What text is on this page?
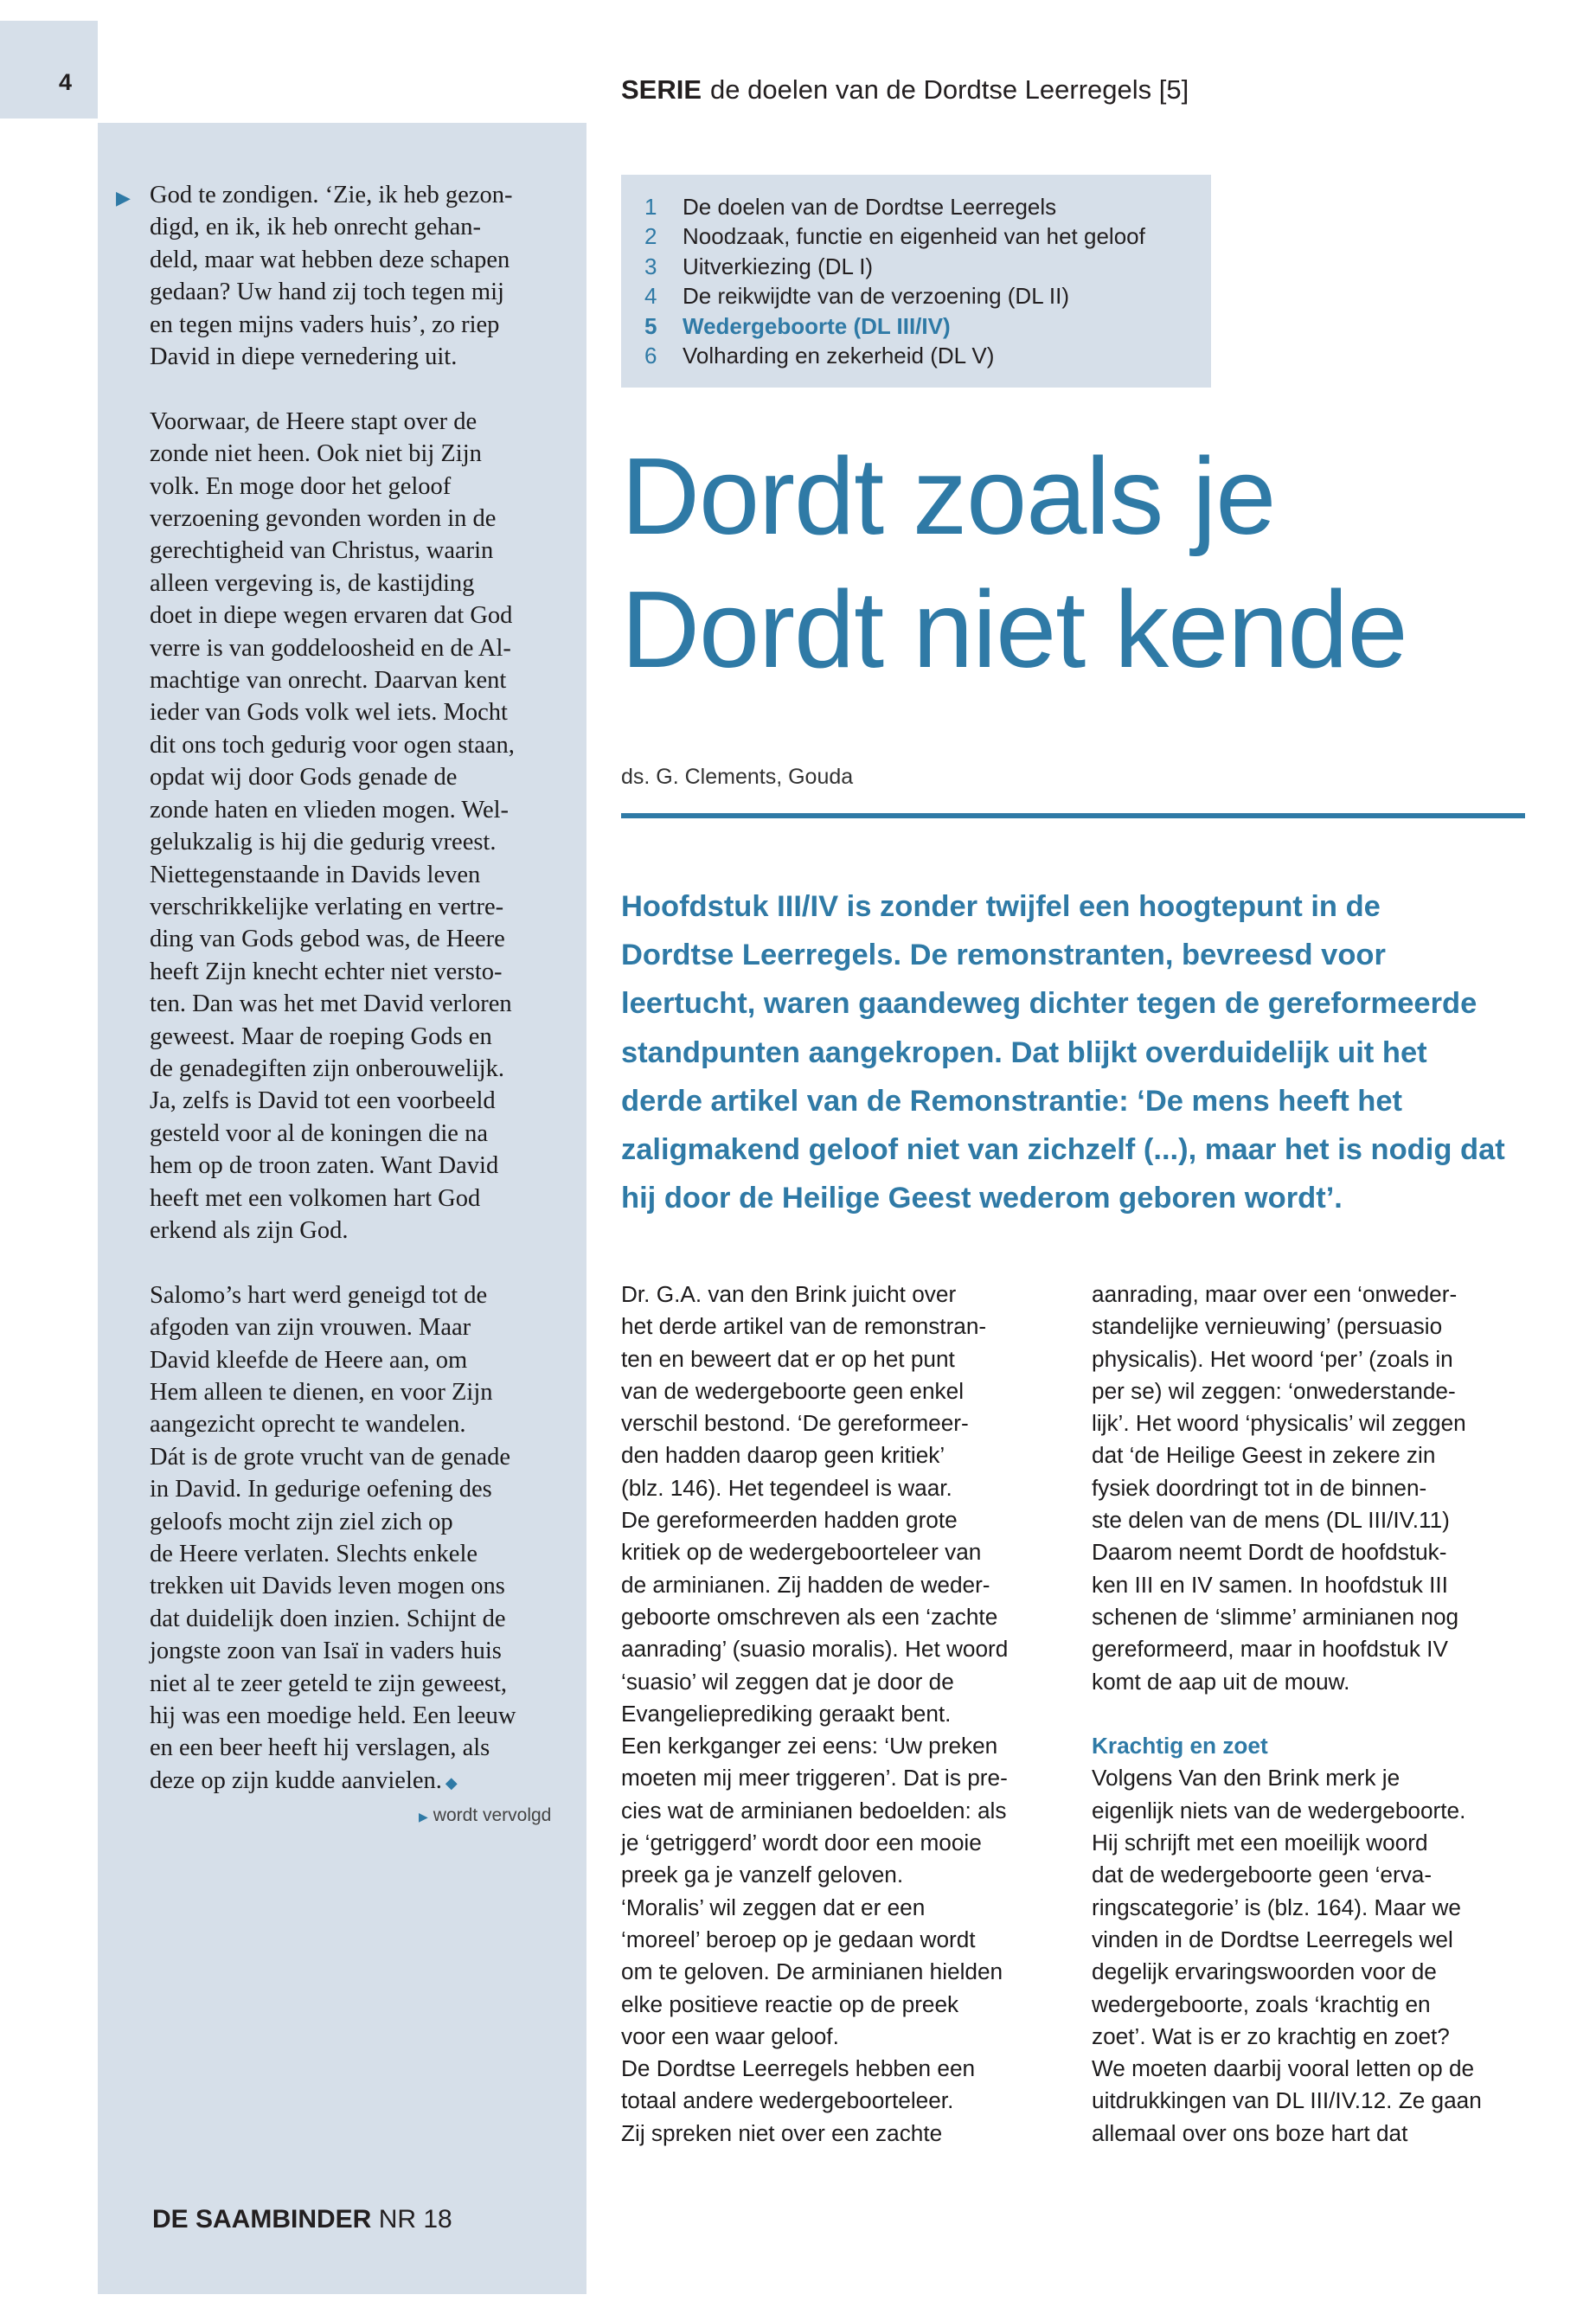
4	SERIE de doelen van de Dordtse Leerregels [5]
▶ God te zondigen. ‘Zie, ik heb gezon-
digd, en ik, ik heb onrecht gehan-
deld, maar wat hebben deze schapen
gedaan? Uw hand zij toch tegen mij
en tegen mijns vaders huis’, zo riep
David in diepe vernedering uit.

Voorwaar, de Heere stapt over de
zonde niet heen. Ook niet bij Zijn
volk. En moge door het geloof
verzoening gevonden worden in de
gerechtigheid van Christus, waarin
alleen vergeving is, de kastijding
doet in diepe wegen ervaren dat God
verre is van goddeloosheid en de Al-
machtige van onrecht. Daarvan kent
ieder van Gods volk wel iets. Mocht
dit ons toch gedurig voor ogen staan,
opdat wij door Gods genade de
zonde haten en vlieden mogen. Wel-
gelukzalig is hij die gedurig vreest.
Niettegenstaande in Davids leven
verschrikkelijke verlating en vertre-
ding van Gods gebod was, de Heere
heeft Zijn knecht echter niet versto-
ten. Dan was het met David verloren
geweest. Maar de roeping Gods en
de genadegiften zijn onberouwelijk.
Ja, zelfs is David tot een voorbeeld
gesteld voor al de koningen die na
hem op de troon zaten. Want David
heeft met een volkomen hart God
erkend als zijn God.

Salomo’s hart werd geneigd tot de
afgoden van zijn vrouwen. Maar
David kleefde de Heere aan, om
Hem alleen te dienen, en voor Zijn
aangezicht oprecht te wandelen.
Dát is de grote vrucht van de genade
in David. In gedurige oefening des
geloofs mocht zijn ziel zich op
de Heere verlaten. Slechts enkele
trekken uit Davids leven mogen ons
dat duidelijk doen inzien. Schijnt de
jongste zoon van Isaï in vaders huis
niet al te zeer geteld te zijn geweest,
hij was een moedige held. Een leeuw
en een beer heeft hij verslagen, als
deze op zijn kudde aanvielen. ◆

▶ wordt vervolgd
DE SAAMBINDER NR 18
1 De doelen van de Dordtse Leerregels
2 Noodzaak, functie en eigenheid van het geloof
3 Uitverkiezing (DL I)
4 De reikwijdte van de verzoening (DL II)
5 Wedergeboorte (DL III/IV)
6 Volharding en zekerheid (DL V)
Dordt zoals je
Dordt niet kende
ds. G. Clements, Gouda
Hoofdstuk III/IV is zonder twijfel een hoogtepunt in de
Dordtse Leerregels. De remonstranten, bevreesd voor
leertucht, waren gaandeweg dichter tegen de gereformeerde
standpunten aangekropen. Dat blijkt overduidelijk uit het
derde artikel van de Remonstrantie: ‘De mens heeft het
zaligmakend geloof niet van zichzelf (...), maar het is nodig dat
hij door de Heilige Geest wederom geboren wordt’.
Dr. G.A. van den Brink juicht over
het derde artikel van de remonstran-
ten en beweert dat er op het punt
van de wedergeboorte geen enkel
verschil bestond. ‘De gereformeer-
den hadden daarop geen kritiek’
(blz. 146). Het tegendeel is waar.
De gereformeerden hadden grote
kritiek op de wedergeboorteleer van
de arminianen. Zij hadden de weder-
geboorte omschreven als een ‘zachte
aanrading’ (suasio moralis). Het woord
‘suasio’ wil zeggen dat je door de
Evangelieprediking geraakt bent.
Een kerkganger zei eens: ‘Uw preken
moeten mij meer triggeren’. Dat is pre-
cies wat de arminianen bedoelden: als
je ‘getriggerd’ wordt door een mooie
preek ga je vanzelf geloven.
‘Moralis’ wil zeggen dat er een
‘moreel’ beroep op je gedaan wordt
om te geloven. De arminianen hielden
elke positieve reactie op de preek
voor een waar geloof.
De Dordtse Leerregels hebben een
totaal andere wedergeboorteleer.
Zij spreken niet over een zachte
aanrading, maar over een ‘onweder-
standelijke vernieuwing’ (persuasio
physicalis). Het woord ‘per’ (zoals in
per se) wil zeggen: ‘onwederstande-
lijk’. Het woord ‘physicalis’ wil zeggen
dat ‘de Heilige Geest in zekere zin
fysiek doordringt tot in de binnen-
ste delen van de mens (DL III/IV.11)
Daarom neemt Dordt de hoofdstuk-
ken III en IV samen. In hoofdstuk III
schenen de ‘slimme’ arminianen nog
gereformeerd, maar in hoofdstuk IV
komt de aap uit de mouw.
Krachtig en zoet
Volgens Van den Brink merk je
eigenlijk niets van de wedergeboorte.
Hij schrijft met een moeilijk woord
dat de wedergeboorte geen ‘erva-
ringscategorie’ is (blz. 164). Maar we
vinden in de Dordtse Leerregels wel
degelijk ervaringswoorden voor de
wedergeboorte, zoals ‘krachtig en
zoet’. Wat is er zo krachtig en zoet?
We moeten daarbij vooral letten op de
uitdrukkingen van DL III/IV.12. Ze gaan
allemaal over ons boze hart dat
